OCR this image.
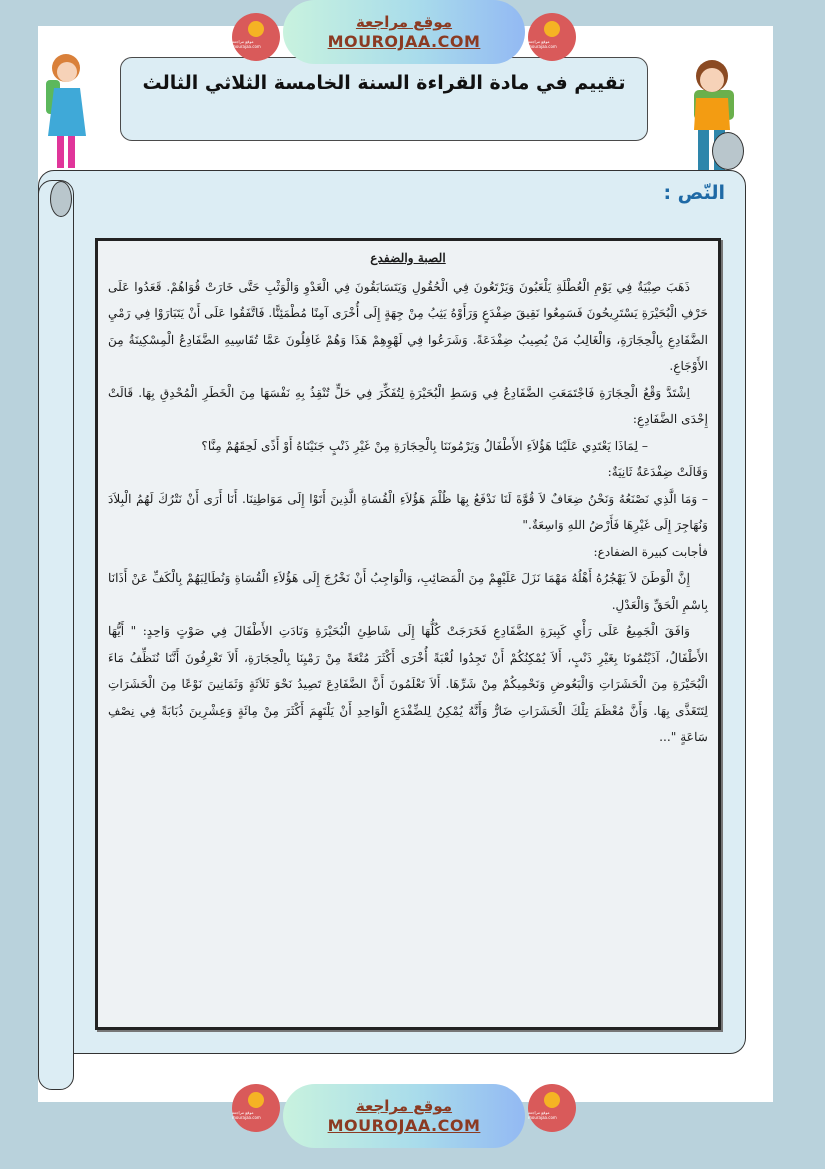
موقع مراجعة mourajaa.com
موقع مراجعة
MOUROJAA.COM	موقع مراجعة mourajaa.com
تقييم في مادة القراءة السنة الخامسة الثلاثي الثالث
النّص :
الصبة والضفدع

ذَهَبَ صِبْيَةٌ فِي يَوْمِ الْعُطْلَةِ يَلْعَبُونَ وَيَرْتَعُونَ فِي الْحُقُولِ وَيَتَسَابَقُونَ فِي الْعَدْوِ وَالْوَثْبِ حَتَّى خَارَتْ قُوَاهُمْ. قَعَدُوا عَلَى حَرْفِ الْبُحَيْرَةِ يَسْتَرِيحُونَ فَسَمِعُوا نَقِيقَ ضِفْدَعٍ وَرَأَوْهُ يَثِبُ مِنْ جِهَةٍ إِلَى أُخْرَى آمِنًا مُطْمَئِنًّا. فَاتَّفَقُوا عَلَى أَنْ يَتَبَارَوْا فِي رَمْيِ الضَّفَادِعِ بِالْحِجَارَةِ، وَالْغَالِبُ مَنْ يُصِيبُ ضِفْدَعَةً. وَشَرَعُوا فِي لَهْوِهِمْ هَذَا وَهُمْ غَافِلُونَ عَمَّا تُقَاسِيهِ الضَّفَادِعُ الْمِسْكِينَةُ مِنَ الأَوْجَاعِ.

اِشْتَدَّ وَقْعُ الْحِجَارَةِ فَاجْتَمَعَتِ الضَّفَادِعُ فِي وَسَطِ الْبُحَيْرَةِ لِتُفَكِّرَ فِي حَلٍّ تُنْقِذُ بِهِ نَفْسَهَا مِنَ الْخَطَرِ الْمُحْدِقِ بِهَا. قَالَتْ إِحْدَى الضَّفَادِعِ:

– لِمَاذَا يَعْتَدِي عَلَيْنَا هَؤُلاَءِ الأَطْفَالُ وَيَرْمُونَنَا بِالْحِجَارَةِ مِنْ غَيْرِ ذَنْبٍ جَنَيْنَاهُ أَوْ أَذًى لَحِقَهُمْ مِنَّا؟

وَقَالَتْ ضِفْدَعَةٌ ثَانِيَةٌ:

– وَمَا الَّذِي نَصْنَعُهُ وَنَحْنُ ضِعَافٌ لاَ قُوَّةَ لَنَا نَدْفَعُ بِهَا ظُلْمَ هَؤُلاَءِ الْقُسَاةِ الَّذِينَ أَتَوْا إِلَى مَوَاطِنِنَا. أَنَا أَرَى أَنْ نَتْرُكَ لَهُمُ الْبِلاَدَ وَنُهَاجِرَ إِلَى غَيْرِهَا فَأَرْضُ اللهِ وَاسِعَةٌ."

فأجابت كبيرة الضفادع:

إِنَّ الْوَطَنَ لاَ يَهْجُرُهُ أَهْلُهُ مَهْمَا نَزَلَ عَلَيْهِمْ مِنَ الْمَصَائِبِ، وَالْوَاجِبُ أَنْ نَخْرُجَ إِلَى هَؤُلاَءِ الْقُسَاةِ وَنُطَالِبَهُمْ بِالْكَفِّ عَنْ أَذَانَا بِاسْمِ الْحَقِّ وَالْعَدْلِ.

وَافَقَ الْجَمِيعُ عَلَى رَأْيِ كَبِيرَةِ الضَّفَادِعِ فَخَرَجَتْ كُلُّهَا إِلَى شَاطِئِ الْبُحَيْرَةِ وَنَادَتِ الأَطْفَالَ فِي صَوْتٍ وَاحِدٍ: " أَيُّهَا الأَطْفَالُ، آذَيْتُمُونَا بِغَيْرِ ذَنْبٍ، أَلاَ يُمْكِنُكُمْ أَنْ تَجِدُوا لُعْبَةً أُخْرَى أَكْثَرَ مُتْعَةً مِنْ رَمْيِنَا بِالْحِجَارَةِ، أَلاَ تَعْرِفُونَ أَنَّنَا نُنَظِّفُ مَاءَ الْبُحَيْرَةِ مِنَ الْحَشَرَاتِ وَالْبَعُوضِ وَنَحْمِيكُمْ مِنْ شَرِّهَا. أَلاَ تَعْلَمُونَ أَنَّ الضَّفَادِعَ تَصِيدُ نَحْوَ ثَلاَثَةٍ وَثَمَانِينَ نَوْعًا مِنَ الْحَشَرَاتِ لِتَتَغَذَّى بِهَا. وَأَنَّ مُعْظَمَ تِلْكَ الْحَشَرَاتِ ضَارٌّ وَأَنَّهُ يُمْكِنُ لِلضِّفْدَعِ الْوَاحِدِ أَنْ يَلْتَهِمَ أَكْثَرَ مِنْ مِائَةٍ وَعِشْرِينَ ذُبَابَةً فِي نِصْفِ سَاعَةٍ "...

موقع مراجعة mourajaa.com
موقع مراجعة
MOUROJAA.COM
موقع مراجعة mourajaa.com
